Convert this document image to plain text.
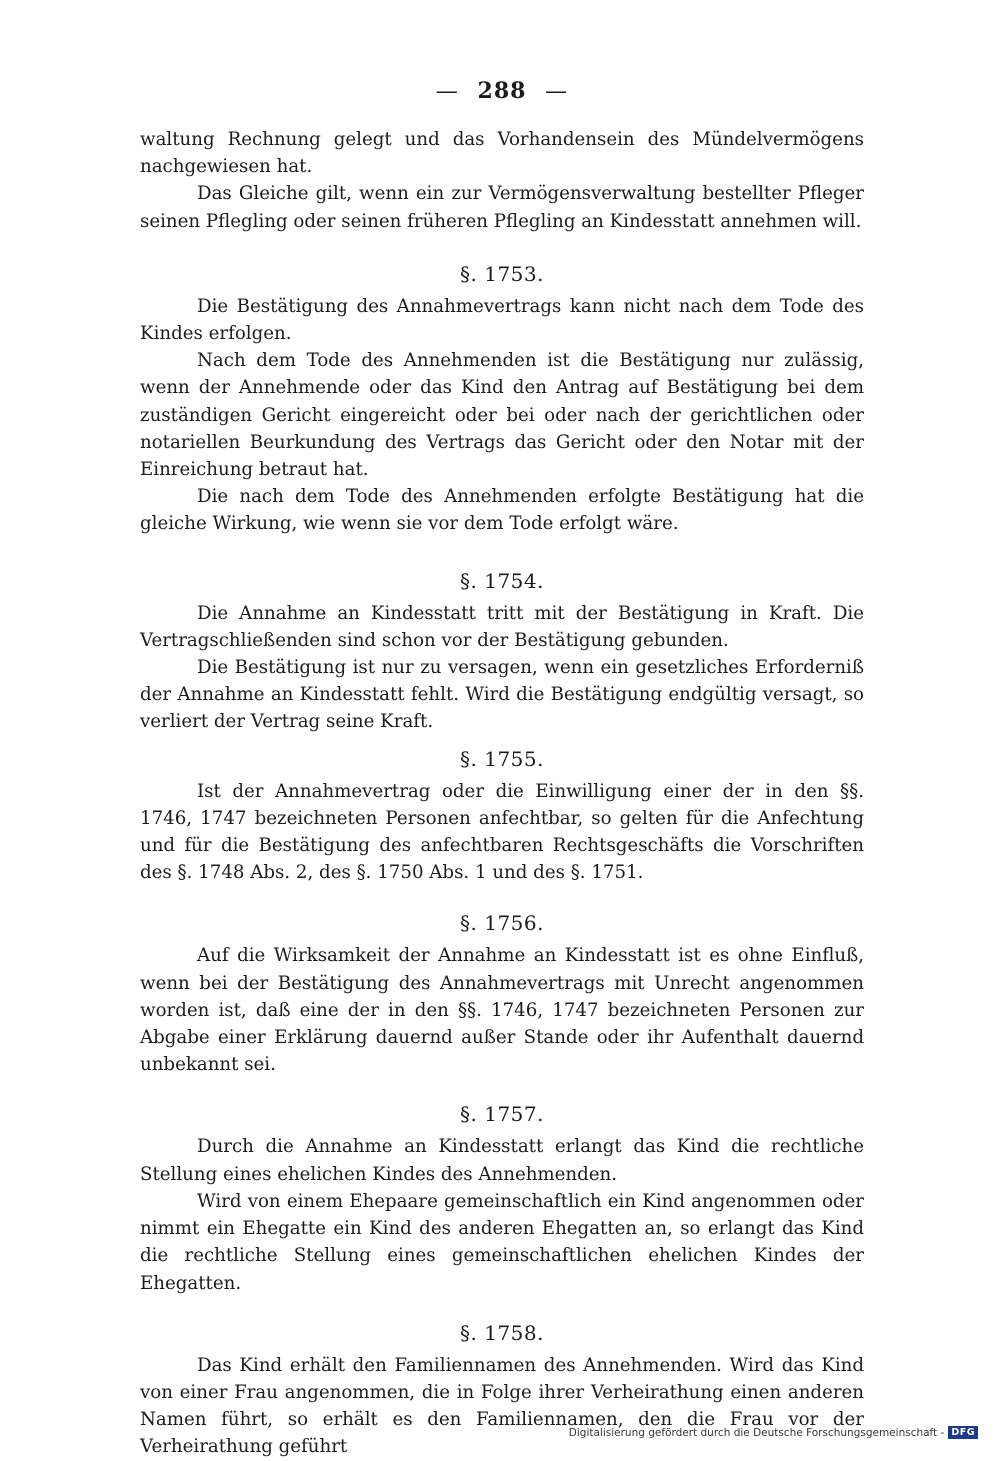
— 288 —

waltung Rechnung gelegt und das Vorhandensein des Mündelvermögens nachgewiesen hat.

Das Gleiche gilt, wenn ein zur Vermögensverwaltung bestellter Pfleger seinen Pflegling oder seinen früheren Pflegling an Kindesstatt annehmen will.

§. 1753.

Die Bestätigung des Annahmevertrags kann nicht nach dem Tode des Kindes erfolgen.

Nach dem Tode des Annehmenden ist die Bestätigung nur zulässig, wenn der Annehmende oder das Kind den Antrag auf Bestätigung bei dem zuständigen Gericht eingereicht oder bei oder nach der gerichtlichen oder notariellen Beurkundung des Vertrags das Gericht oder den Notar mit der Einreichung betraut hat.

Die nach dem Tode des Annehmenden erfolgte Bestätigung hat die gleiche Wirkung, wie wenn sie vor dem Tode erfolgt wäre.

§. 1754.

Die Annahme an Kindesstatt tritt mit der Bestätigung in Kraft. Die Vertragschließenden sind schon vor der Bestätigung gebunden.

Die Bestätigung ist nur zu versagen, wenn ein gesetzliches Erforderniß der Annahme an Kindesstatt fehlt. Wird die Bestätigung endgültig versagt, so verliert der Vertrag seine Kraft.

§. 1755.

Ist der Annahmevertrag oder die Einwilligung einer der in den §§. 1746, 1747 bezeichneten Personen anfechtbar, so gelten für die Anfechtung und für die Bestätigung des anfechtbaren Rechtsgeschäfts die Vorschriften des §. 1748 Abs. 2, des §. 1750 Abs. 1 und des §. 1751.

§. 1756.

Auf die Wirksamkeit der Annahme an Kindesstatt ist es ohne Einfluß, wenn bei der Bestätigung des Annahmevertrags mit Unrecht angenommen worden ist, daß eine der in den §§. 1746, 1747 bezeichneten Personen zur Abgabe einer Erklärung dauernd außer Stande oder ihr Aufenthalt dauernd unbekannt sei.

§. 1757.

Durch die Annahme an Kindesstatt erlangt das Kind die rechtliche Stellung eines ehelichen Kindes des Annehmenden.

Wird von einem Ehepaare gemeinschaftlich ein Kind angenommen oder nimmt ein Ehegatte ein Kind des anderen Ehegatten an, so erlangt das Kind die rechtliche Stellung eines gemeinschaftlichen ehelichen Kindes der Ehegatten.

§. 1758.

Das Kind erhält den Familiennamen des Annehmenden. Wird das Kind von einer Frau angenommen, die in Folge ihrer Verheirathung einen anderen Namen führt, so erhält es den Familiennamen, den die Frau vor der Verheirathung geführt

Digitalisierung gefördert durch die Deutsche Forschungsgemeinschaft - DFG
